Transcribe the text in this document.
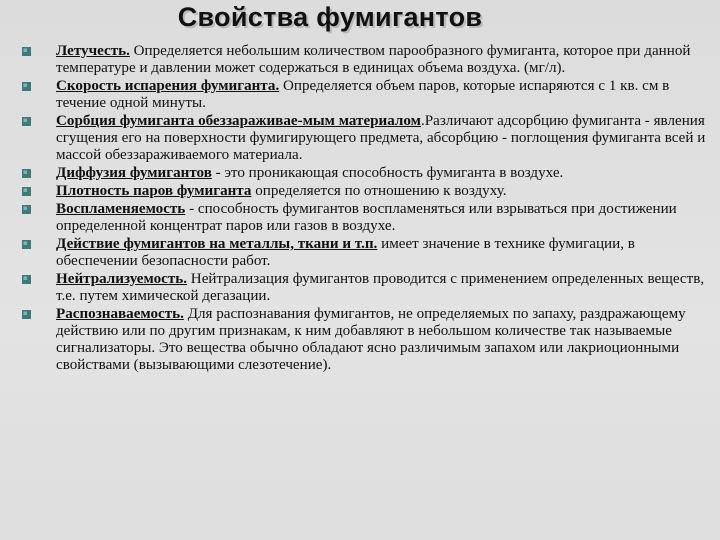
Свойства фумигантов
Летучесть. Определяется небольшим количеством парообразного фумиганта, которое при данной температуре и давлении может содержаться в единицах объема воздуха. (мг/л).
Скорость испарения фумиганта. Определяется объем паров, которые испаряются с 1 кв. см в течение одной минуты.
Сорбция фумиганта обеззараживае-мым материалом.Различают адсорбцию фумиганта - явления сгущения его на поверхности фумигирующего предмета, абсорбцию - поглощения фумиганта всей и массой обеззараживаемого материала.
Диффузия фумигантов - это проникающая способность фумиганта в воздухе.
Плотность паров фумиганта определяется по отношению к воздуху.
Воспламеняемость - способность фумигантов воспламеняться или взрываться при достижении определенной концентрат паров или газов в воздухе.
Действие фумигантов на металлы, ткани и т.п. имеет значение в технике фумигации, в обеспечении безопасности работ.
Нейтрализуемость. Нейтрализация фумигантов проводится с применением определенных веществ, т.е. путем химической дегазации.
Распознаваемость. Для распознавания фумигантов, не определяемых по запаху, раздражающему действию или по другим признакам, к ним добавляют в небольшом количестве так называемые сигнализаторы. Это вещества обычно обладают ясно различимым запахом или лакриоционными свойствами (вызывающими слезотечение).
